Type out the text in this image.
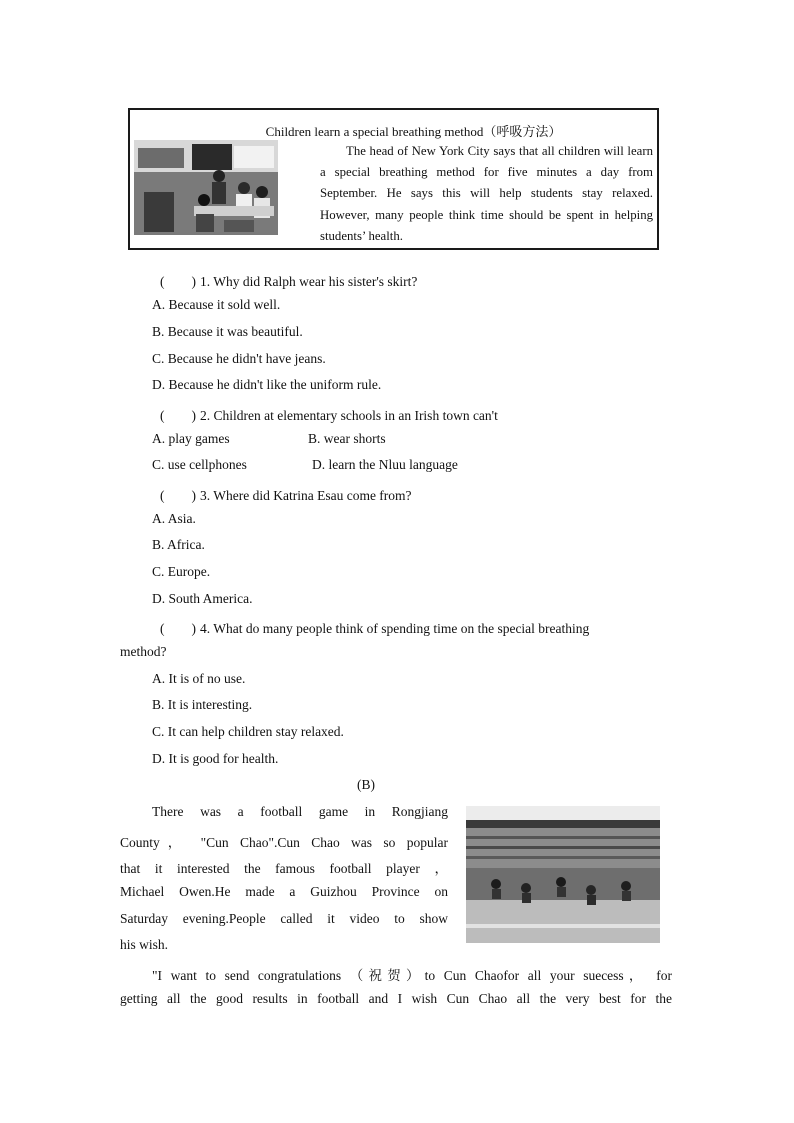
Children learn a special breathing method（呼吸方法）
The head of New York City says that all children will learn a special breathing method for five minutes a day from September. He says this will help students stay relaxed. However, many people think time should be spent in helping students’ health.
(　　) 1. Why did Ralph wear his sister's skirt?
A. Because it sold well.
B. Because it was beautiful.
C. Because he didn't have jeans.
D. Because he didn't like the uniform rule.
(　　) 2. Children at elementary schools in an Irish town can't
A. play games	B. wear shorts
C. use cellphones	D. learn the Nluu language
(　　) 3. Where did Katrina Esau come from?
A. Asia.
B. Africa.
C. Europe.
D. South America.
(　　) 4. What do many people think of spending time on the special breathing
method?
A. It is of no use.
B. It is interesting.
C. It can help children stay relaxed.
D. It is good for health.
(B)
There was a football game in Rongjiang
County， "Cun Chao".Cun Chao was so popular
that it interested the famous football player ，
Michael Owen.He made a Guizhou Province on
Saturday evening.People called it video to show
his wish.
"I want to send congratulations （祝贺）to Cun Chaofor all your suecess， for
getting all the good results in football and I wish Cun Chao all the very best for the
